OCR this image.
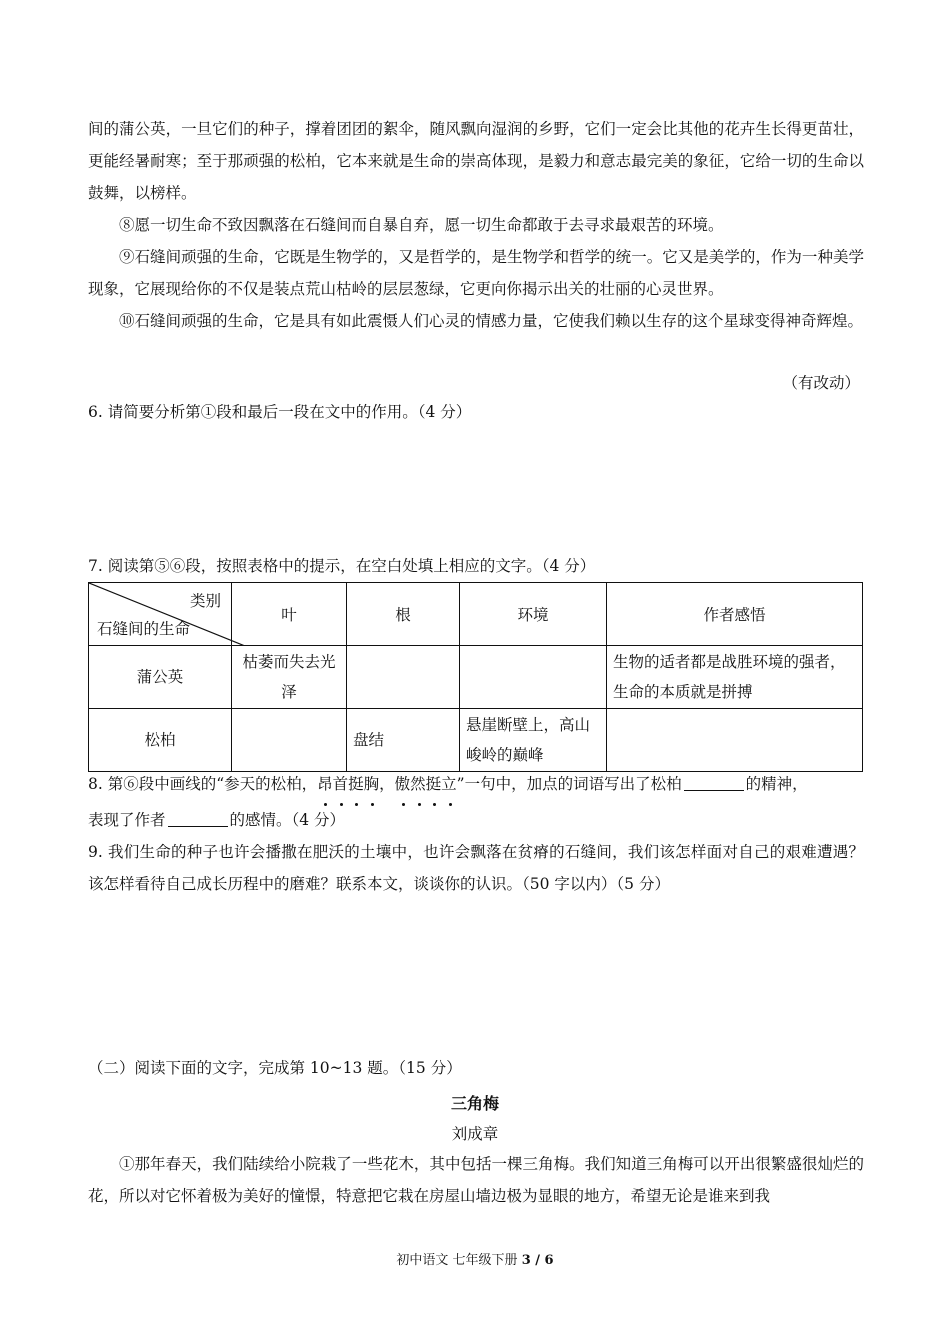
间的蒲公英，一旦它们的种子，撑着团团的絮伞，随风飘向湿润的乡野，它们一定会比其他的花卉生长得更苗壮，更能经暑耐寒；至于那顽强的松柏，它本来就是生命的崇高体现，是毅力和意志最完美的象征，它给一切的生命以鼓舞，以榜样。

⑧愿一切生命不致因飘落在石缝间而自暴自弃，愿一切生命都敢于去寻求最艰苦的环境。

⑨石缝间顽强的生命，它既是生物学的，又是哲学的，是生物学和哲学的统一。它又是美学的，作为一种美学现象，它展现给你的不仅是装点荒山枯岭的层层葱绿，它更向你揭示出关的壮丽的心灵世界。

⑩石缝间顽强的生命，它是具有如此震慑人们心灵的情感力量，它使我们赖以生存的这个星球变得神奇辉煌。

（有改动）

6. 请简要分析第①段和最后一段在文中的作用。（4 分）

7. 阅读第⑤⑥段，按照表格中的提示，在空白处填上相应的文字。（4 分）

类别
石缝间的生命	叶	根	环境	作者感悟
蒲公英	枯萎而失去光泽			生物的适者都是战胜环境的强者，生命的本质就是拼搏
松柏		盘结	悬崖断壁上，高山峻岭的巅峰	

8. 第⑥段中画线的“参天的松柏，昂首挺胸，傲然挺立
”一句中，加点的词语写出了松柏	的精神，

表现了作者	的感情。（4 分）

9. 我们生命的种子也许会播撒在肥沃的土壤中，也许会飘落在贫瘠的石缝间，我们该怎样面对自己的艰难遭遇？该怎样看待自己成长历程中的磨难？联系本文，谈谈你的认识。（50 字以内）（5 分）

（二）阅读下面的文字，完成第 10~13 题。（15 分）

三角梅
刘成章

①那年春天，我们陆续给小院栽了一些花木，其中包括一棵三角梅。我们知道三角梅可以开出很繁盛很灿烂的花，所以对它怀着极为美好的憧憬，特意把它栽在房屋山墙边极为显眼的地方，希望无论是谁来到我

初中语文 七年级下册 3 / 6
